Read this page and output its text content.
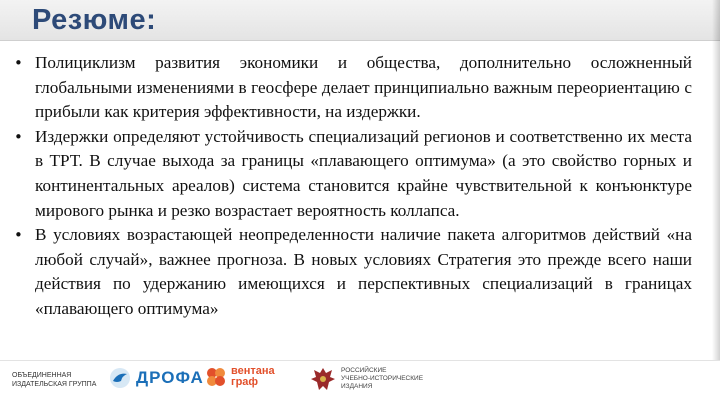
Резюме:

• Полициклизм развития экономики и общества, дополнительно осложненный глобальными изменениями в геосфере делает принципиально важным переориентацию с прибыли как критерия эффективности, на издержки.

• Издержки определяют устойчивость специализаций регионов и соответственно их места в ТРТ. В случае выхода за границы «плавающего оптимума» (а это свойство горных и континентальных ареалов) система становится крайне чувствительной к конъюнктуре мирового рынка и резко возрастает вероятность коллапса.

• В условиях возрастающей неопределенности наличие пакета алгоритмов действий «на любой случай», важнее прогноза. В новых условиях Стратегия это прежде всего наши действия по удержанию имеющихся и перспективных специализаций в границах «плавающего оптимума»

ОБЪЕДИНЕННАЯ
ИЗДАТЕЛЬСКАЯ ГРУППА ДРОФА вентана
граф
РОССИЙСКИЕ
УЧЕБНО-ИСТОРИЧЕСКИЕ
ИЗДАНИЯ
